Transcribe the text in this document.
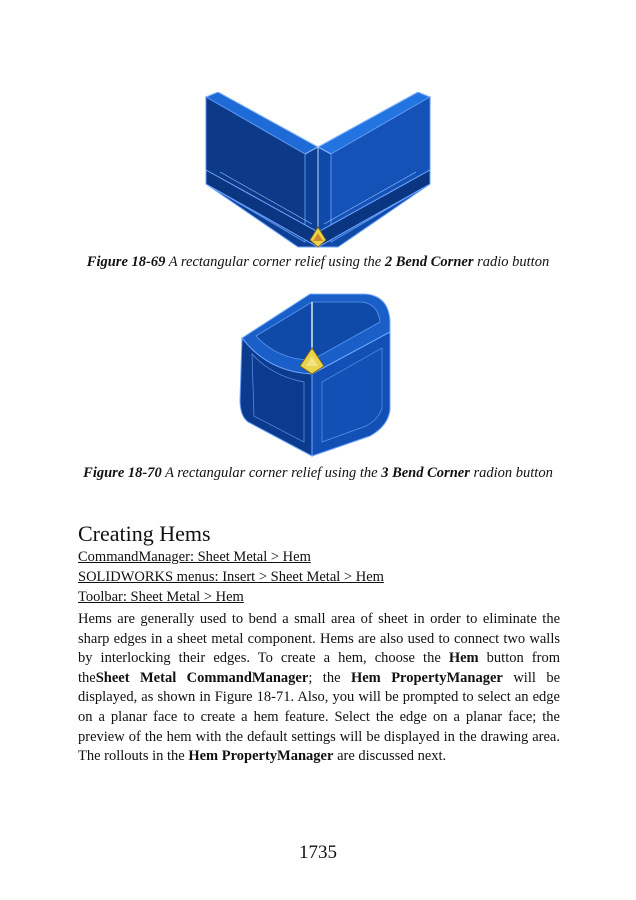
Figure 18-69 A rectangular corner relief using the 2 Bend Corner radio button
Figure 18-70 A rectangular corner relief using the 3 Bend Corner radion button
Creating Hems
CommandManager: Sheet Metal > Hem
SOLIDWORKS menus: Insert > Sheet Metal > Hem
Toolbar: Sheet Metal > Hem

Hems are generally used to bend a small area of sheet in order to eliminate the sharp edges in a sheet metal component. Hems are also used to connect two walls by interlocking their edges. To create a hem, choose the Hem button from theSheet Metal CommandManager; the Hem PropertyManager will be displayed, as shown in Figure 18-71. Also, you will be prompted to select an edge on a planar face to create a hem feature. Select the edge on a planar face; the preview of the hem with the default settings will be displayed in the drawing area. The rollouts in the Hem PropertyManager are discussed next.

1735
